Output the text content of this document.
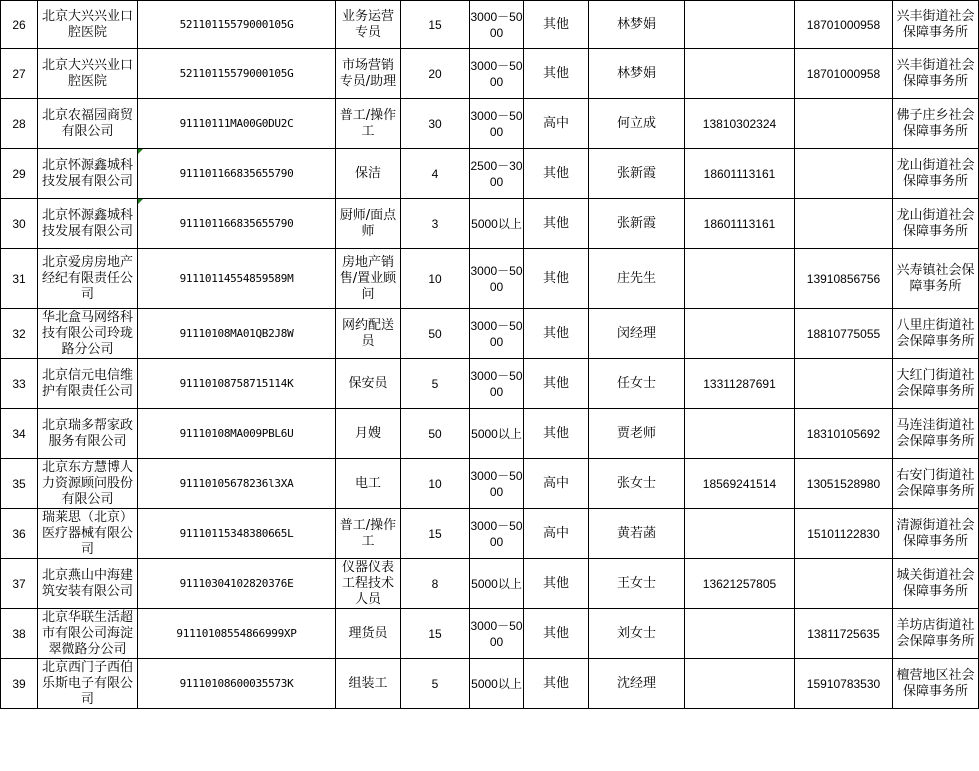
26	北京大兴兴业口腔医院	52110115579000105G	业务运营专员	15	3000－5000	其他	林梦娟		18701000958	兴丰街道社会保障事务所

27	北京大兴兴业口腔医院	52110115579000105G	市场营销专员/助理	20	3000－5000	其他	林梦娟		18701000958	兴丰街道社会保障事务所

28	北京农福园商贸有限公司	91110111MA00G0DU2C	普工/操作工	30	3000－5000	高中	何立成	13810302324		佛子庄乡社会保障事务所

29	北京怀源鑫城科技发展有限公司	911101166835655790	保洁	4	2500－3000	其他	张新霞	18601113161		龙山街道社会保障事务所

30	北京怀源鑫城科技发展有限公司	911101166835655790	厨师/面点师	3	5000以上	其他	张新霞	18601113161		龙山街道社会保障事务所

31	北京爱房房地产经纪有限责任公司	91110114554859589M	房地产销售/置业顾问	10	3000－5000	其他	庄先生		13910856756	兴寿镇社会保障事务所

32	华北盒马网络科技有限公司玲珑路分公司	91110108MA01QB2J8W	网约配送员	50	3000－5000	其他	闵经理		18810775055	八里庄街道社会保障事务所

33	北京信元电信维护有限责任公司	91110108758715114K	保安员	5	3000－5000	其他	任女士	13311287691		大红门街道社会保障事务所

34	北京瑞多帮家政服务有限公司	91110108MA009PBL6U	月嫂	50	5000以上	其他	贾老师		18310105692	马连洼街道社会保障事务所

35	北京东方慧博人力资源顾问股份有限公司	91110105678236l3XA	电工	10	3000－5000	高中	张女士	18569241514	13051528980	右安门街道社会保障事务所

36	瑞莱思（北京）医疗器械有限公司	91110115348380665L	普工/操作工	15	3000－5000	高中	黄若菡		15101122830	清源街道社会保障事务所

37	北京燕山中海建筑安装有限公司	91110304102820376E	仪器仪表工程技术人员	8	5000以上	其他	王女士	13621257805		城关街道社会保障事务所

38	北京华联生活超市有限公司海淀翠微路分公司	91110108554866999XP	理货员	15	3000－5000	其他	刘女士		13811725635	羊坊店街道社会保障事务所

39	北京西门子西伯乐斯电子有限公司	91110108600035573K	组装工	5	5000以上	其他	沈经理		15910783530	檀营地区社会保障事务所
